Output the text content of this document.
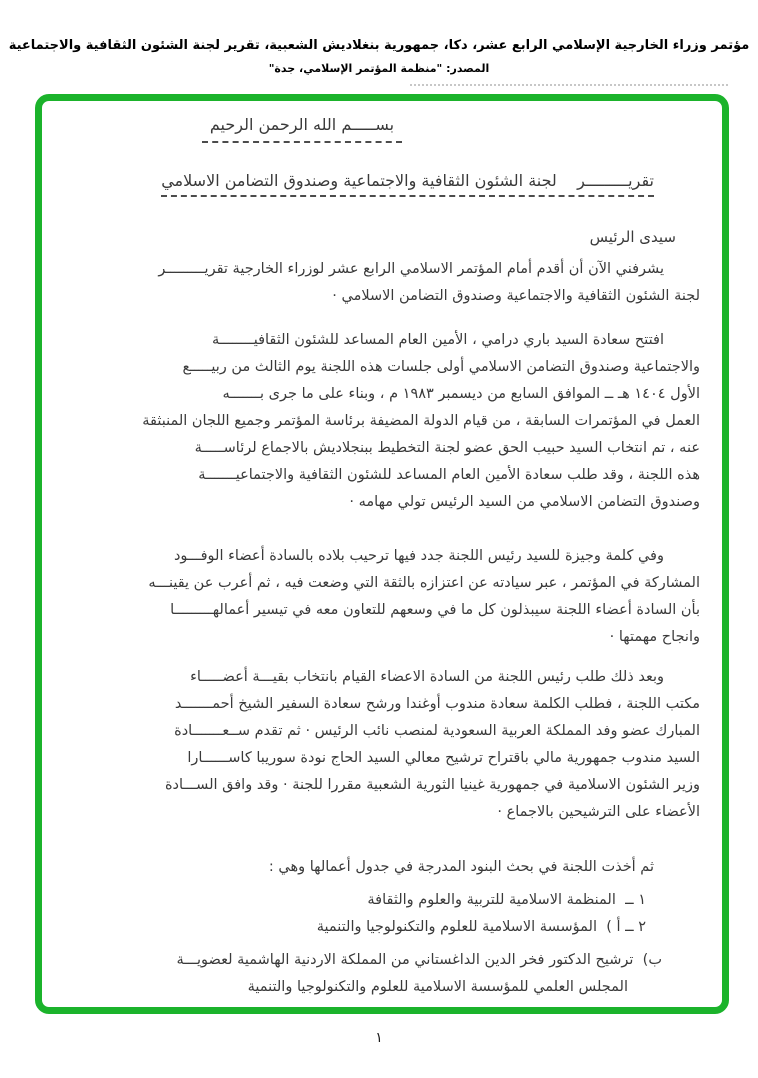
مؤتمر وزراء الخارجية الإسلامي الرابع عشر، دكا، جمهورية بنغلاديش الشعبية، تقرير لجنة الشئون الثقافية والاجتماعية
المصدر: "منظمة المؤتمر الإسلامي، جدة"
بســـــم الله الرحمن الرحيم
تقريـــــــــر    لجنة الشئون الثقافية والاجتماعية وصندوق التضامن الاسلامي
سيدى الرئيس
يشرفني الآن أن أقدم أمام المؤتمر الاسلامي الرابع عشر لوزراء الخارجية تقريـــــــــر
لجنة الشئون الثقافية والاجتماعية وصندوق التضامن الاسلامي ·
افتتح سعادة السيد باري درامي ، الأمين العام المساعد للشئون الثقافيــــــــة
والاجتماعية وصندوق التضامن الاسلامي أولى جلسات هذه اللجنة يوم الثالث من ربيـــــع
الأول ١٤٠٤ هـ ــ الموافق السابع من ديسمبر ١٩٨٣ م ، وبناء على ما جرى بـــــــه
العمل في المؤتمرات السابقة ، من قيام الدولة المضيفة برئاسة المؤتمر وجميع اللجان المنبثقة
عنه ، تم انتخاب السيد حبيب الحق عضو لجنة التخطيط ببنجلاديش بالاجماع لرئاســـــة
هذه اللجنة ، وقد طلب سعادة الأمين العام المساعد للشئون الثقافية والاجتماعيـــــــة
وصندوق التضامن الاسلامي من السيد الرئيس تولي مهامه ·
وفي كلمة وجيزة للسيد رئيس اللجنة جدد فيها ترحيب بلاده بالسادة أعضاء الوفـــود
المشاركة في المؤتمر ، عبر سيادته عن اعتزازه بالثقة التي وضعت فيه ، ثم أعرب عن يقينـــه
بأن السادة أعضاء اللجنة سيبذلون كل ما في وسعهم للتعاون معه في تيسير أعمالهـــــــــا
وانجاح مهمتها ·
وبعد ذلك طلب رئيس اللجنة من السادة الاعضاء القيام بانتخاب بقيـــة أعضـــــاء
مكتب اللجنة ، فطلب الكلمة سعادة مندوب أوغندا ورشح سعادة السفير الشيخ أحمـــــــد
المبارك عضو وفد المملكة العربية السعودية لمنصب نائب الرئيس · ثم تقدم ســعـــــــادة
السيد مندوب جمهورية مالي باقتراح ترشيح معالي السيد الحاج نودة سوريبا كاســــــارا
وزير الشئون الاسلامية في جمهورية غينيا الثورية الشعبية مقررا للجنة · وقد وافق الســـادة
الأعضاء على الترشيحين بالاجماع ·
ثم أخذت اللجنة في بحث البنود المدرجة في جدول أعمالها وهي :
١ ــ  المنظمة الاسلامية للتربية والعلوم والثقافة
٢ ــ أ )  المؤسسة الاسلامية للعلوم والتكنولوجيا والتنمية
ب)  ترشيح الدكتور فخر الدين الداغستاني من المملكة الاردنية الهاشمية لعضويـــة
المجلس العلمي للمؤسسة الاسلامية للعلوم والتكنولوجيا والتنمية
١
